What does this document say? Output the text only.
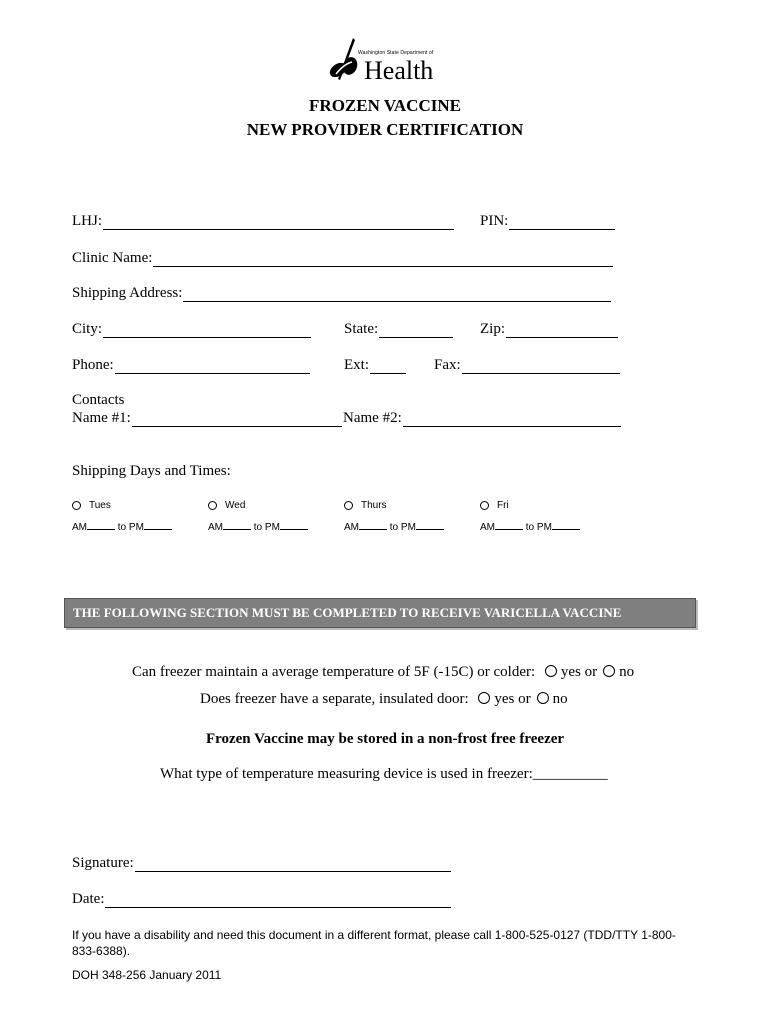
Washington State Department of
Health
FROZEN VACCINE
NEW PROVIDER CERTIFICATION
LHJ:	PIN:
Clinic Name:
Shipping Address:
City:	State:	Zip:
Phone:	Ext:	Fax:
Contacts
Name #1:	Name #2:
Shipping Days and Times:
Tues	Wed	Thurs	Fri
AM	to PM	AM	to PM	AM	to PM	AM	to PM
THE FOLLOWING SECTION MUST BE COMPLETED TO RECEIVE VARICELLA VACCINE
Can freezer maintain a average temperature of 5F (-15C) or colder: yes or no
Does freezer have a separate, insulated door: yes or no
Frozen Vaccine may be stored in a non-frost free freezer
What type of temperature measuring device is used in freezer:__________
Signature:
Date:
If you have a disability and need this document in a different format, please call 1-800-525-0127 (TDD/TTY 1-800-833-6388).
DOH 348-256 January 2011
